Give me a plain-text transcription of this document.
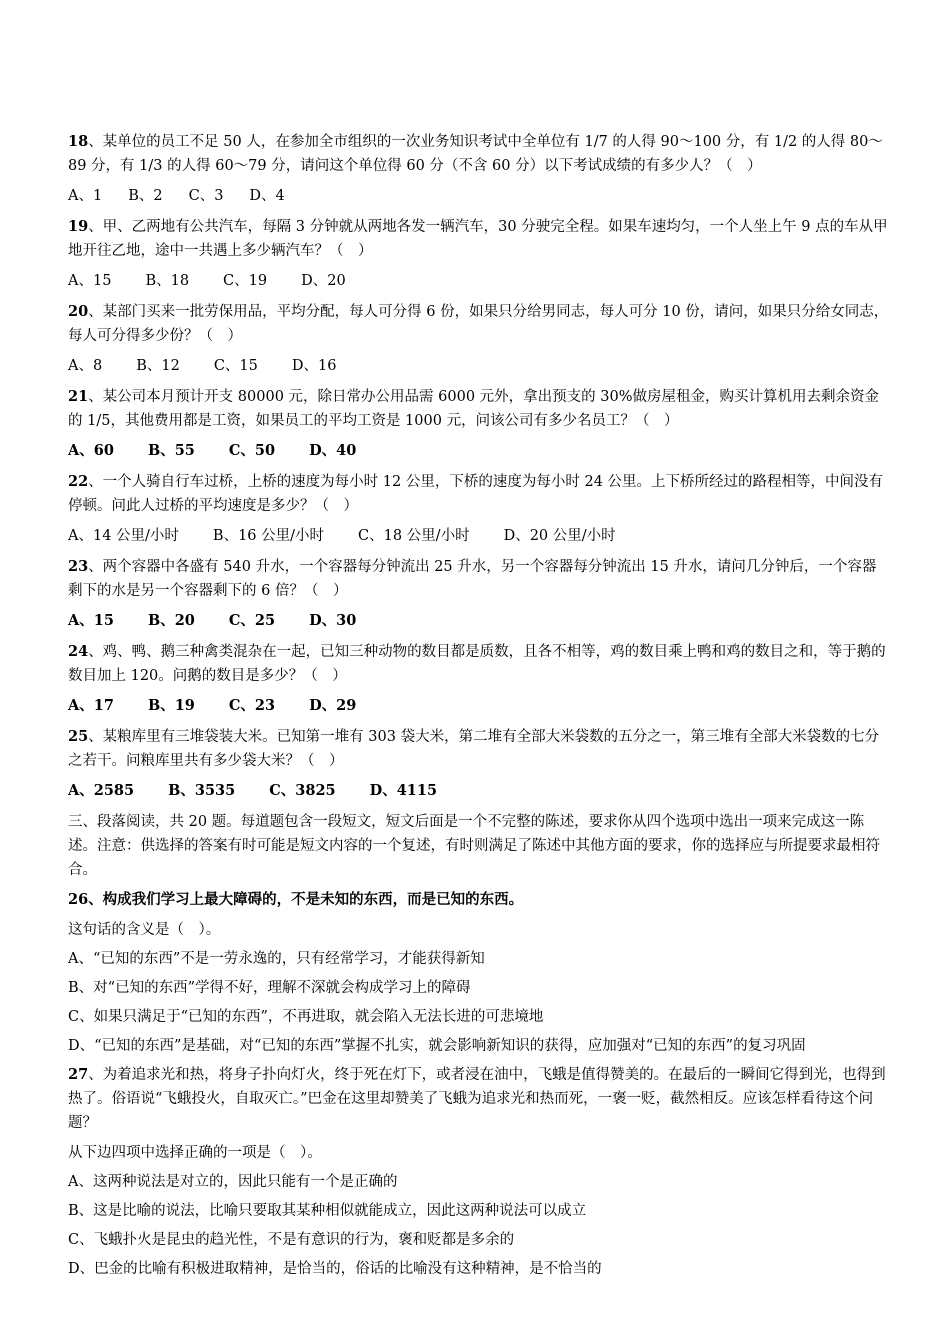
18、某单位的员工不足 50 人，在参加全市组织的一次业务知识考试中全单位有 1/7 的人得 90～100 分，有 1/2 的人得 80～89 分，有 1/3 的人得 60～79 分，请问这个单位得 60 分（不含 60 分）以下考试成绩的有多少人？（　）

A、1 B、2 C、3 D、4

19、甲、乙两地有公共汽车，每隔 3 分钟就从两地各发一辆汽车，30 分驶完全程。如果车速均匀，一个人坐上午 9 点的车从甲地开往乙地，途中一共遇上多少辆汽车？（　）

A、15 B、18 C、19 D、20

20、某部门买来一批劳保用品，平均分配，每人可分得 6 份，如果只分给男同志，每人可分 10 份，请问，如果只分给女同志，每人可分得多少份？（　）

A、8 B、12 C、15 D、16

21、某公司本月预计开支 80000 元，除日常办公用品需 6000 元外，拿出预支的 30%做房屋租金，购买计算机用去剩余资金的 1/5，其他费用都是工资，如果员工的平均工资是 1000 元，问该公司有多少名员工？（　）

A、60 B、55 C、50 D、40

22、一个人骑自行车过桥，上桥的速度为每小时 12 公里，下桥的速度为每小时 24 公里。上下桥所经过的路程相等，中间没有停顿。问此人过桥的平均速度是多少？（　）

A、14 公里/小时 B、16 公里/小时 C、18 公里/小时 D、20 公里/小时

23、两个容器中各盛有 540 升水，一个容器每分钟流出 25 升水，另一个容器每分钟流出 15 升水，请问几分钟后，一个容器剩下的水是另一个容器剩下的 6 倍？（　）

A、15 B、20 C、25 D、30

24、鸡、鸭、鹅三种禽类混杂在一起，已知三种动物的数目都是质数，且各不相等，鸡的数目乘上鸭和鸡的数目之和，等于鹅的数目加上 120。问鹅的数目是多少？（　）

A、17 B、19 C、23 D、29

25、某粮库里有三堆袋装大米。已知第一堆有 303 袋大米，第二堆有全部大米袋数的五分之一，第三堆有全部大米袋数的七分之若干。问粮库里共有多少袋大米？（　）

A、2585 B、3535 C、3825 D、4115

三、段落阅读，共 20 题。每道题包含一段短文，短文后面是一个不完整的陈述，要求你从四个选项中选出一项来完成这一陈述。注意：供选择的答案有时可能是短文内容的一个复述，有时则满足了陈述中其他方面的要求，你的选择应与所提要求最相符合。

26、构成我们学习上最大障碍的，不是未知的东西，而是已知的东西。

这句话的含义是（　）。

A、“已知的东西”不是一劳永逸的，只有经常学习，才能获得新知

B、对“已知的东西”学得不好，理解不深就会构成学习上的障碍

C、如果只满足于“已知的东西”，不再进取，就会陷入无法长进的可悲境地

D、“已知的东西”是基础，对“已知的东西”掌握不扎实，就会影响新知识的获得，应加强对“已知的东西”的复习巩固

27、为着追求光和热，将身子扑向灯火，终于死在灯下，或者浸在油中，飞蛾是值得赞美的。在最后的一瞬间它得到光，也得到热了。俗语说“飞蛾投火，自取灭亡。”巴金在这里却赞美了飞蛾为追求光和热而死，一褒一贬，截然相反。应该怎样看待这个问题？

从下边四项中选择正确的一项是（　）。

A、这两种说法是对立的，因此只能有一个是正确的

B、这是比喻的说法，比喻只要取其某种相似就能成立，因此这两种说法可以成立

C、飞蛾扑火是昆虫的趋光性，不是有意识的行为，褒和贬都是多余的

D、巴金的比喻有积极进取精神，是恰当的，俗话的比喻没有这种精神，是不恰当的
